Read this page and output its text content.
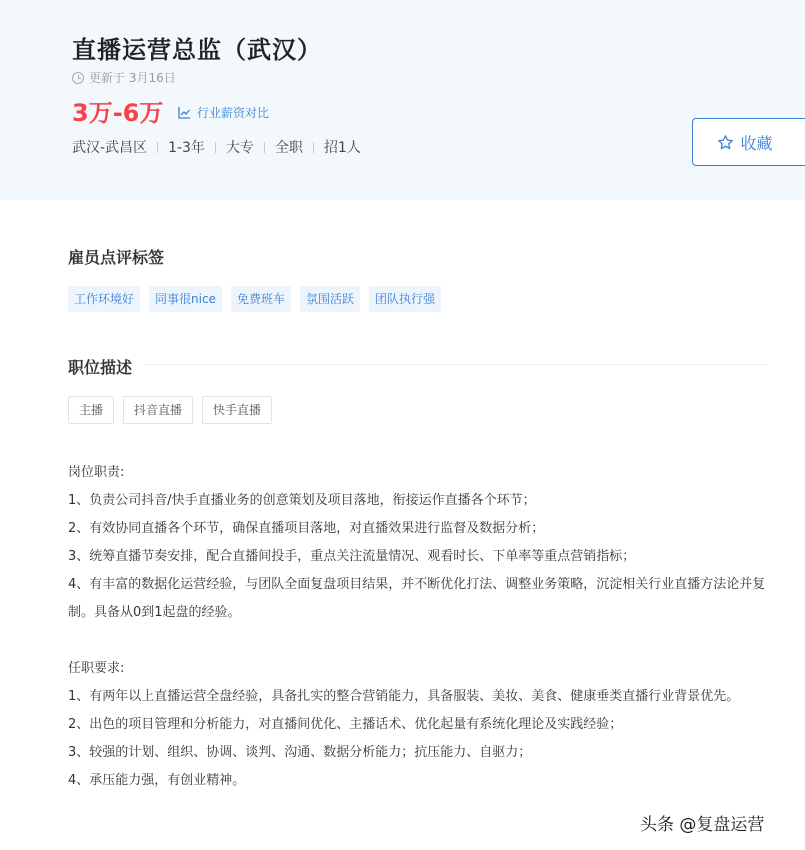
直播运营总监（武汉）
更新于 3月16日
3万-6万	行业薪资对比
武汉-武昌区 1-3年 大专 全职 招1人	收藏
雇员点评标签
工作环境好	同事很nice	免费班车	氛围活跃	团队执行强
职位描述
主播	抖音直播	快手直播

岗位职责:

1、负责公司抖音/快手直播业务的创意策划及项目落地，衔接运作直播各个环节；

2、有效协同直播各个环节，确保直播项目落地，对直播效果进行监督及数据分析；

3、统筹直播节奏安排，配合直播间投手，重点关注流量情况、观看时长、下单率等重点营销指标；

4、有丰富的数据化运营经验，与团队全面复盘项目结果，并不断优化打法、调整业务策略，沉淀相关行业直播方法论并复制。具备从0到1起盘的经验。

任职要求:

1、有两年以上直播运营全盘经验，具备扎实的整合营销能力，具备服装、美妆、美食、健康垂类直播行业背景优先。

2、出色的项目管理和分析能力，对直播间优化、主播话术、优化起量有系统化理论及实践经验；

3、较强的计划、组织、协调、谈判、沟通、数据分析能力；抗压能力、自驱力；

4、承压能力强，有创业精神。

头条 @复盘运营
